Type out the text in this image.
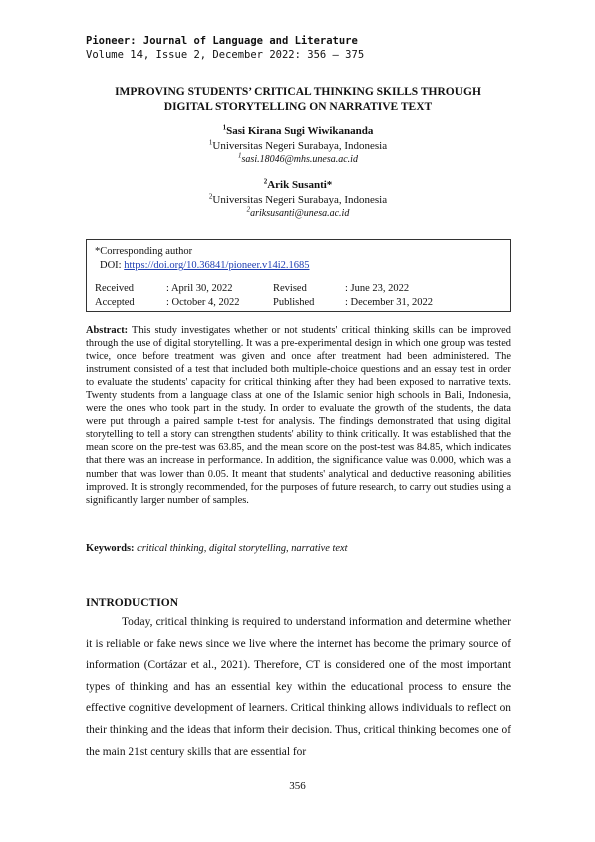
Pioneer: Journal of Language and Literature
Volume 14, Issue 2, December 2022: 356 – 375
IMPROVING STUDENTS’ CRITICAL THINKING SKILLS THROUGH
DIGITAL STORYTELLING ON NARRATIVE TEXT
$^1$Sasi Kirana Sugi Wiwikananda
$^1$Universitas Negeri Surabaya, Indonesia
$^1$sasi.18046@mhs.unesa.ac.id
$^2$Arik Susanti*
$^2$Universitas Negeri Surabaya, Indonesia
$^2$ariksusanti@unesa.ac.id
*Corresponding author
DOI: https://doi.org/10.36841/pioneer.v14i2.1685
Received	: April 30, 2022	Revised	: June 23, 2022
Accepted	: October 4, 2022	Published	: December 31, 2022
Abstract: This study investigates whether or not students' critical thinking skills can be improved through the use of digital storytelling. It was a pre-experimental design in which one group was tested twice, once before treatment was given and once after treatment had been administered. The instrument consisted of a test that included both multiple-choice questions and an essay test in order to evaluate the students' capacity for critical thinking after they had been exposed to narrative texts. Twenty students from a language class at one of the Islamic senior high schools in Bali, Indonesia, were the ones who took part in the study. In order to evaluate the growth of the students, the data were put through a paired sample t-test for analysis. The findings demonstrated that using digital storytelling to tell a story can strengthen students' ability to think critically. It was established that the mean score on the pre-test was 63.85, and the mean score on the post-test was 84.85, which indicates that there was an increase in performance. In addition, the significance value was 0.000, which was a number that was lower than 0.05. It meant that students' analytical and deductive reasoning abilities improved. It is strongly recommended, for the purposes of future research, to carry out studies using a significantly larger number of samples.
Keywords: critical thinking, digital storytelling, narrative text
INTRODUCTION
Today, critical thinking is required to understand information and determine whether it is reliable or fake news since we live where the internet has become the primary source of information (Cortázar et al., 2021). Therefore, CT is considered one of the most important types of thinking and has an essential key within the educational process to ensure the effective cognitive development of learners. Critical thinking allows individuals to reflect on their thinking and the ideas that inform their decision. Thus, critical thinking becomes one of the main 21st century skills that are essential for
356
